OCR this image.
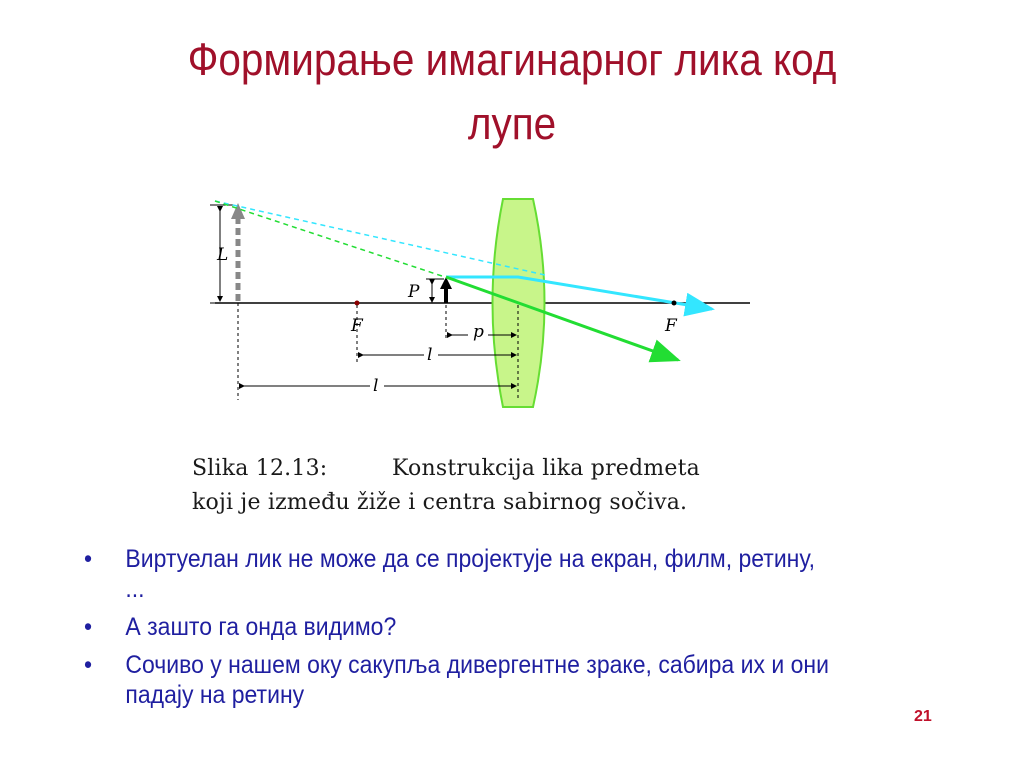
Формирање имагинарног лика код
лупе
L
P
F	F
p
l
l
Slika 12.13:	Konstrukcija lika predmeta
koji je između žiže i centra sabirnog sočiva.
• Виртуелан лик не може да се пројектује на екран, филм, ретину, ...
• А зашто га онда видимо?
• Сочиво у нашем оку сакупља дивергентне зраке, сабира их и они падају на ретину
21
